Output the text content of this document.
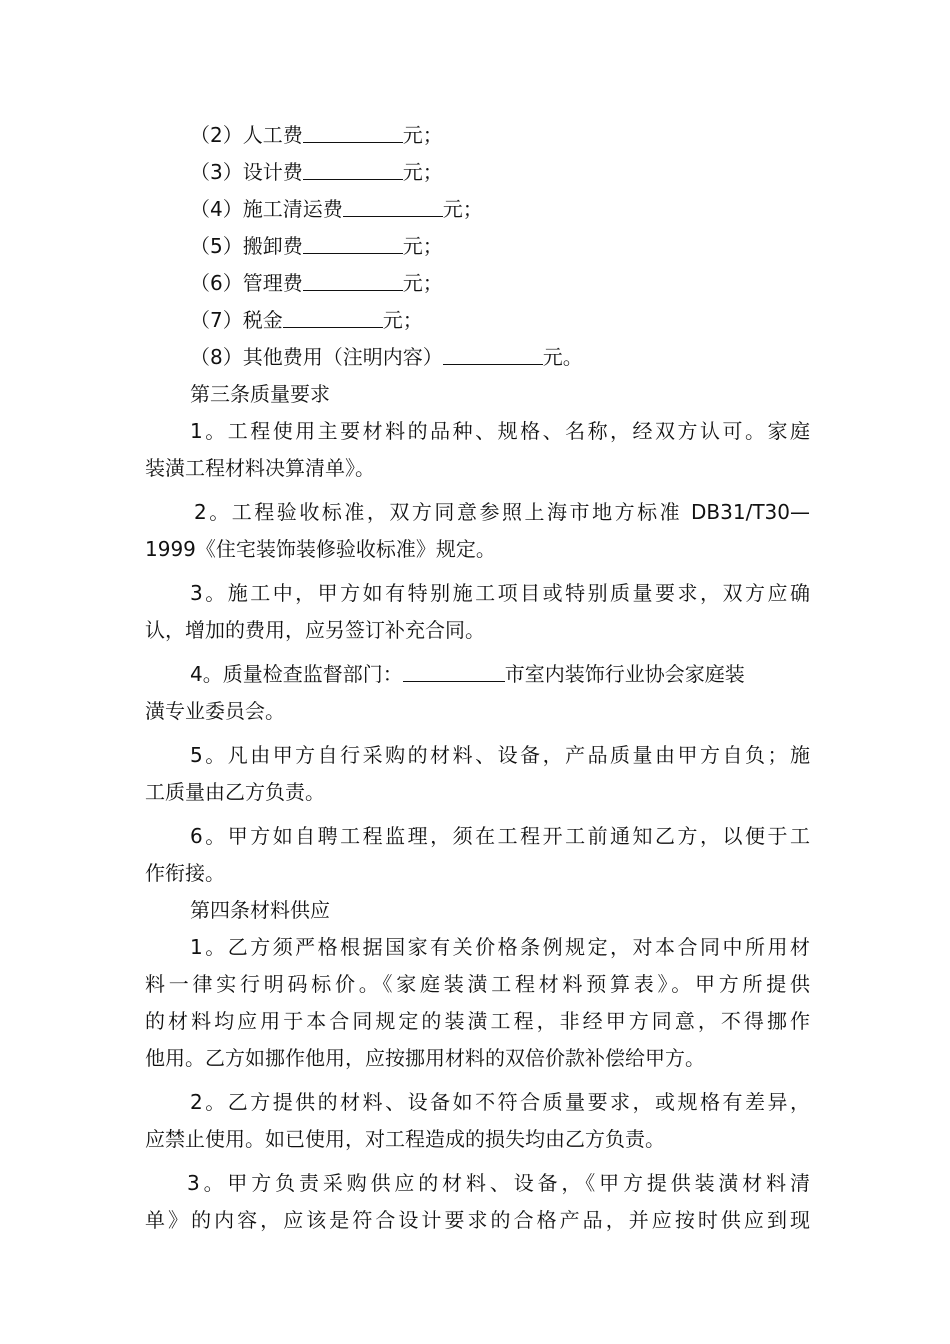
（2）人工费	元；
（3）设计费	元；
（4）施工清运费	元；
（5）搬卸费	元；
（6）管理费	元；
（7）税金	元；
（8）其他费用（注明内容）	元。
第三条质量要求
1。工程使用主要材料的品种、规格、名称，经双方认可。家庭
装潢工程材料决算清单》。
2。工程验收标准，双方同意参照上海市地方标准 DB31/T30—
1999《住宅装饰装修验收标准》规定。
3。施工中，甲方如有特别施工项目或特别质量要求，双方应确
认，增加的费用，应另签订补充合同。
4。质量检查监督部门：	市室内装饰行业协会家庭装
潢专业委员会。
5。凡由甲方自行采购的材料、设备，产品质量由甲方自负；施
工质量由乙方负责。
6。甲方如自聘工程监理，须在工程开工前通知乙方，以便于工
作衔接。
第四条材料供应
1。乙方须严格根据国家有关价格条例规定，对本合同中所用材
料一律实行明码标价。《家庭装潢工程材料预算表》。甲方所提供
的材料均应用于本合同规定的装潢工程，非经甲方同意，不得挪作
他用。乙方如挪作他用，应按挪用材料的双倍价款补偿给甲方。
2。乙方提供的材料、设备如不符合质量要求，或规格有差异，
应禁止使用。如已使用，对工程造成的损失均由乙方负责。
3。甲方负责采购供应的材料、设备，《甲方提供装潢材料清
单》的内容，应该是符合设计要求的合格产品，并应按时供应到现
